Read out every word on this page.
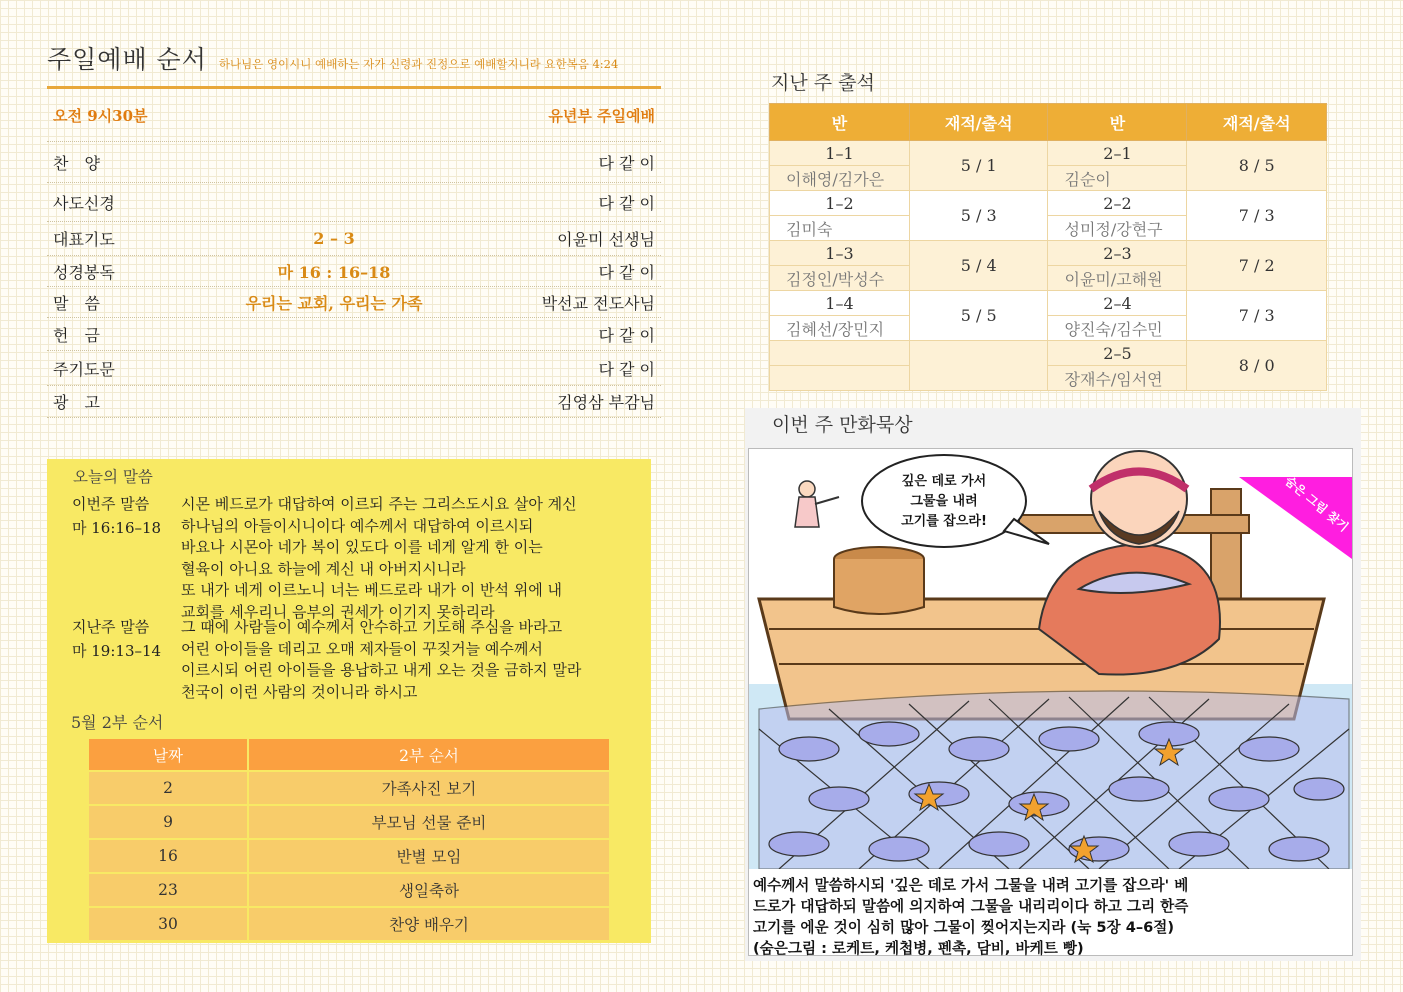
주일예배 순서 하나님은 영이시니 예배하는 자가 신령과 진정으로 예배할지니라 요한복음 4:24
오전 9시30분	유년부 주일예배
찬　양	다 같 이
사도신경	다 같 이
대표기도	2 – 3	이윤미 선생님
성경봉독	마 16 : 16–18	다 같 이
말　씀	우리는 교회, 우리는 가족	박선교 전도사님
헌　금	다 같 이
주기도문	다 같 이
광　고	김영삼 부감님
오늘의 말씀
이번주 말씀
마 16:16–18
시몬 베드로가 대답하여 이르되 주는 그리스도시요 살아 계신
하나님의 아들이시니이다 예수께서 대답하여 이르시되
바요나 시몬아 네가 복이 있도다 이를 네게 알게 한 이는
혈육이 아니요 하늘에 계신 내 아버지시니라
또 내가 네게 이르노니 너는 베드로라 내가 이 반석 위에 내
교회를 세우리니 음부의 권세가 이기지 못하리라
지난주 말씀
마 19:13–14
그 때에 사람들이 예수께서 안수하고 기도해 주심을 바라고
어린 아이들을 데리고 오매 제자들이 꾸짖거늘 예수께서
이르시되 어린 아이들을 용납하고 내게 오는 것을 금하지 말라
천국이 이런 사람의 것이니라 하시고
5월 2부 순서
날짜	2부 순서
2	가족사진 보기
9	부모님 선물 준비
16	반별 모임
23	생일축하
30	찬양 배우기
지난 주 출석
반	재적/출석	반	재적/출석
1–1	5 / 1	2–1	8 / 5
이해영/김가은		김순이	
1–2	5 / 3	2–2	7 / 3
김미숙		성미정/강현구	
1–3	5 / 4	2–3	7 / 2
김정인/박성수		이윤미/고해원	
1–4	5 / 5	2–4	7 / 3
김혜선/장민지		양진숙/김수민	
		2–5	8 / 0
		장재수/임서연	
이번 주 만화묵상
깊은 데로 가서
그물을 내려
고기를 잡으라!	숨은 그림 찾기
예수께서 말씀하시되 '깊은 데로 가서 그물을 내려 고기를 잡으라' 베
드로가 대답하되 말씀에 의지하여 그물을 내리리이다 하고 그리 한즉
고기를 에운 것이 심히 많아 그물이 찢어지는지라 (눅 5장 4–6절)
(숨은그림 : 로케트, 케첩병, 펜촉, 담비, 바케트 빵)
